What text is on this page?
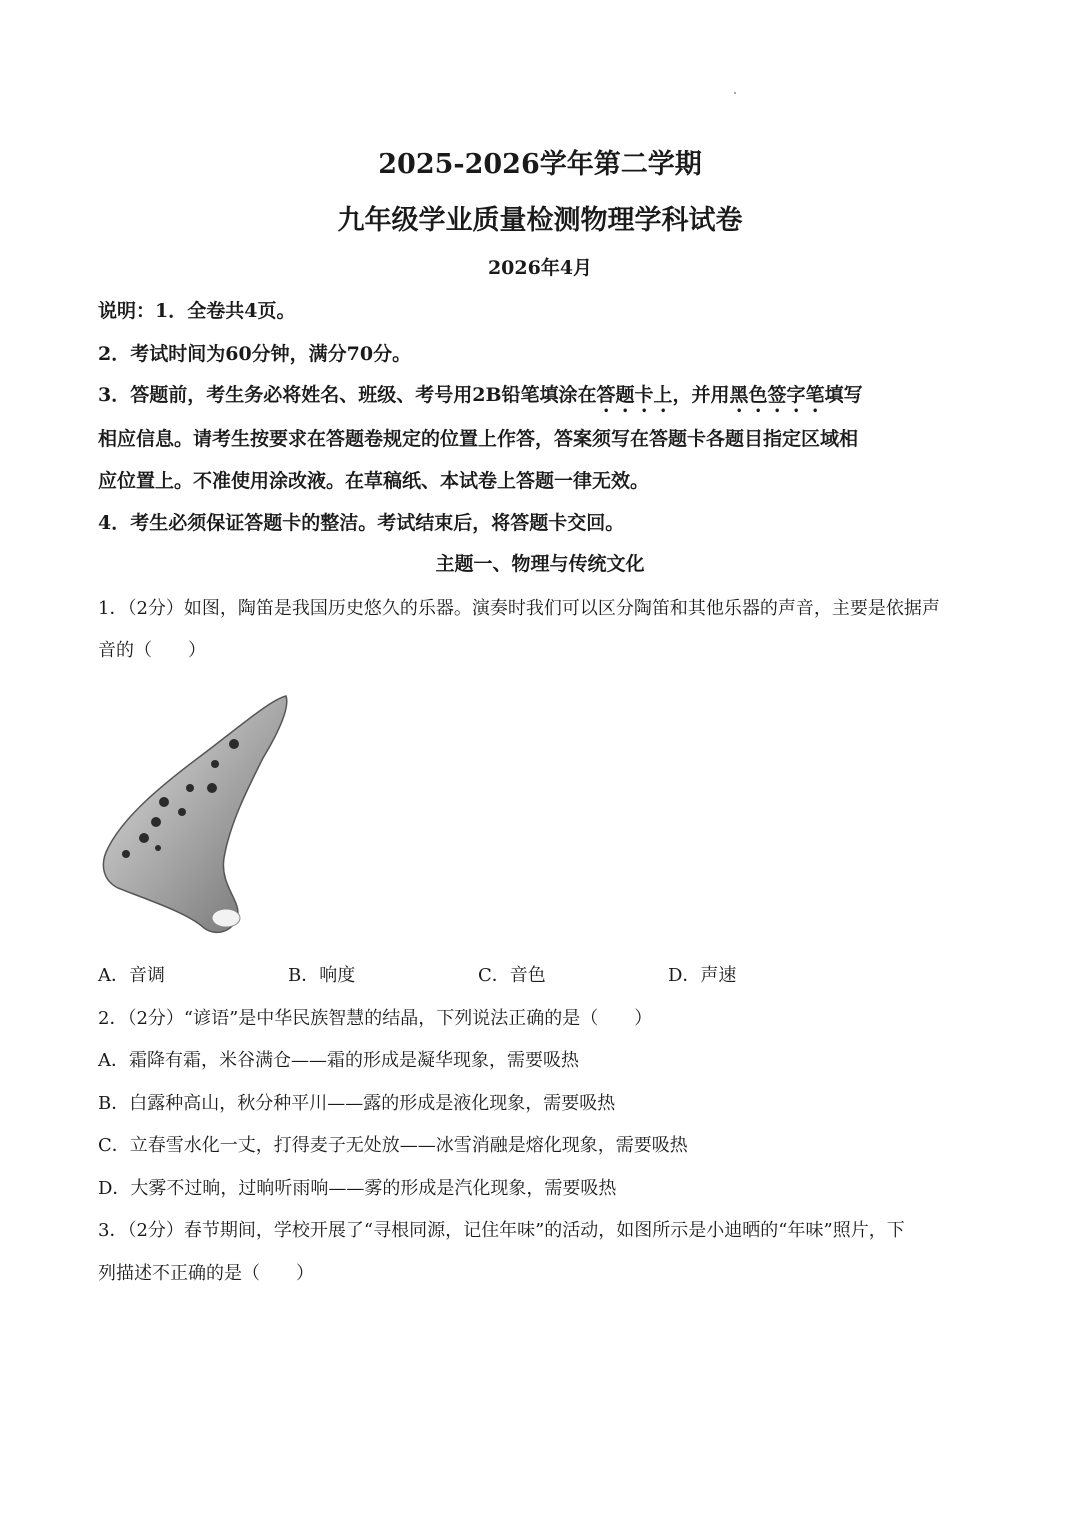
2025-2026学年第二学期
九年级学业质量检测物理学科试卷
2026年4月
说明：1．全卷共4页。
2．考试时间为60分钟，满分70分。
3．答题前，考生务必将姓名、班级、考号用2B铅笔填涂在答题卡上，并用黑色签字笔填写
相应信息。请考生按要求在答题卷规定的位置上作答，答案须写在答题卡各题目指定区域相
应位置上。不准使用涂改液。在草稿纸、本试卷上答题一律无效。
4．考生必须保证答题卡的整洁。考试结束后，将答题卡交回。
主题一、物理与传统文化
1．（2分）如图，陶笛是我国历史悠久的乐器。演奏时我们可以区分陶笛和其他乐器的声音，主要是依据声
音的（　　）
A．音调	B．响度	C．音色	D．声速
2．（2分）“谚语”是中华民族智慧的结晶，下列说法正确的是（　　）
A．霜降有霜，米谷满仓——霜的形成是凝华现象，需要吸热
B．白露种高山，秋分种平川——露的形成是液化现象，需要吸热
C．立春雪水化一丈，打得麦子无处放——冰雪消融是熔化现象，需要吸热
D．大雾不过晌，过晌听雨响——雾的形成是汽化现象，需要吸热
3．（2分）春节期间，学校开展了“寻根同源，记住年味”的活动，如图所示是小迪晒的“年味”照片，下
列描述不正确的是（　　）
